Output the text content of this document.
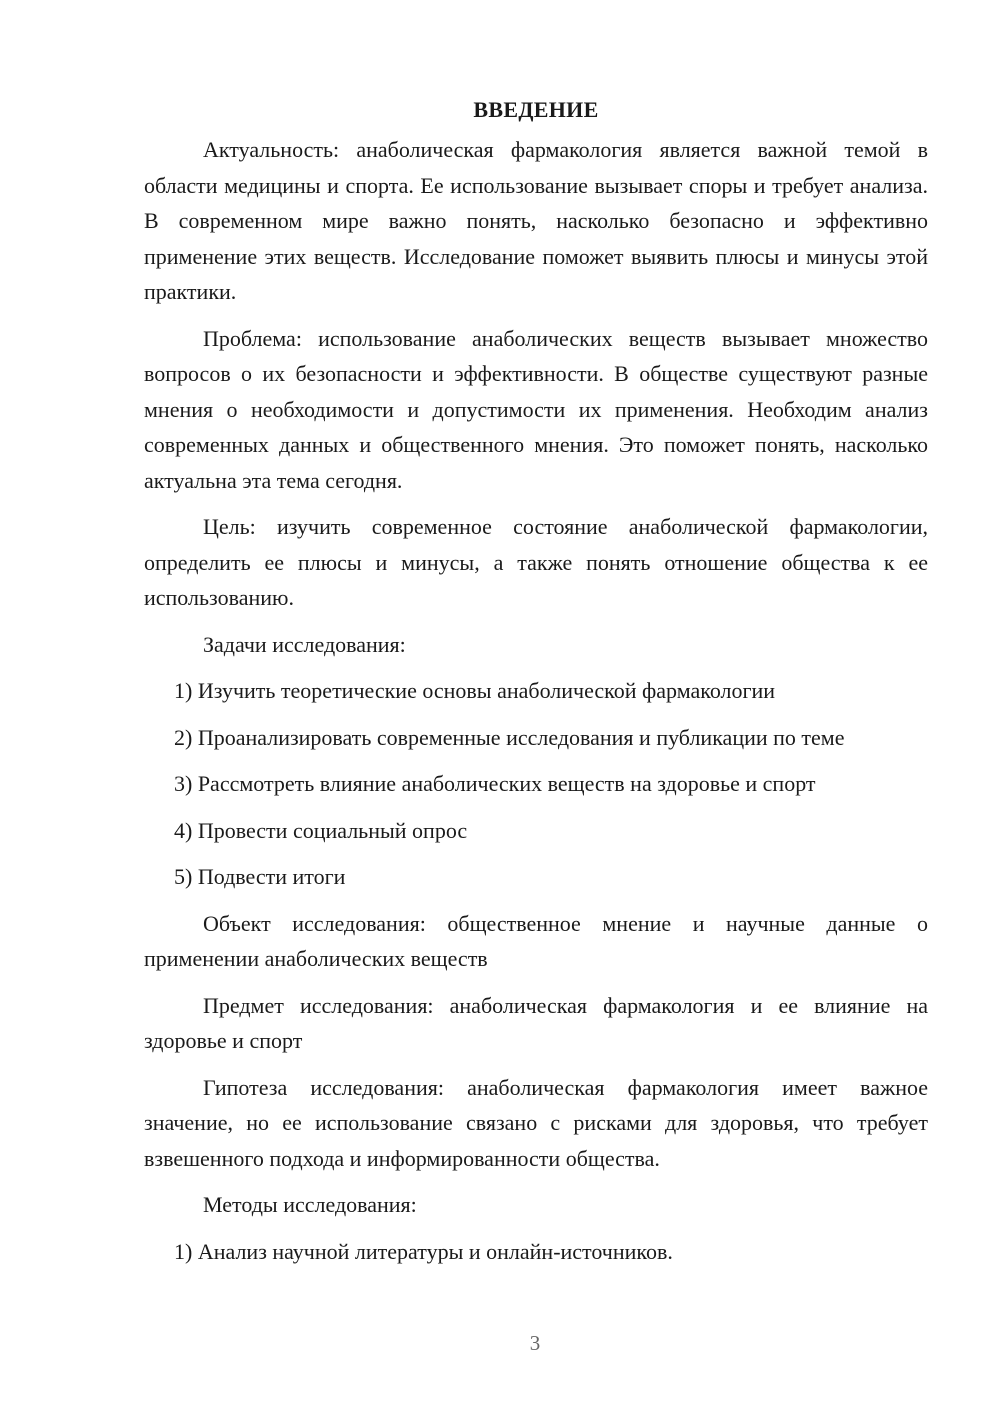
ВВЕДЕНИЕ

Актуальность: анаболическая фармакология является важной темой в области медицины и спорта. Ее использование вызывает споры и требует анализа. В современном мире важно понять, насколько безопасно и эффективно применение этих веществ. Исследование поможет выявить плюсы и минусы этой практики.

Проблема: использование анаболических веществ вызывает множество вопросов о их безопасности и эффективности. В обществе существуют разные мнения о необходимости и допустимости их применения. Необходим анализ современных данных и общественного мнения. Это поможет понять, насколько актуальна эта тема сегодня.

Цель: изучить современное состояние анаболической фармакологии, определить ее плюсы и минусы, а также понять отношение общества к ее использованию.

Задачи исследования:

1) Изучить теоретические основы анаболической фармакологии

2) Проанализировать современные исследования и публикации по теме

3) Рассмотреть влияние анаболических веществ на здоровье и спорт

4) Провести социальный опрос

5) Подвести итоги

Объект исследования: общественное мнение и научные данные о применении анаболических веществ

Предмет исследования: анаболическая фармакология и ее влияние на здоровье и спорт

Гипотеза исследования: анаболическая фармакология имеет важное значение, но ее использование связано с рисками для здоровья, что требует взвешенного подхода и информированности общества.

Методы исследования:

1) Анализ научной литературы и онлайн-источников.

3
